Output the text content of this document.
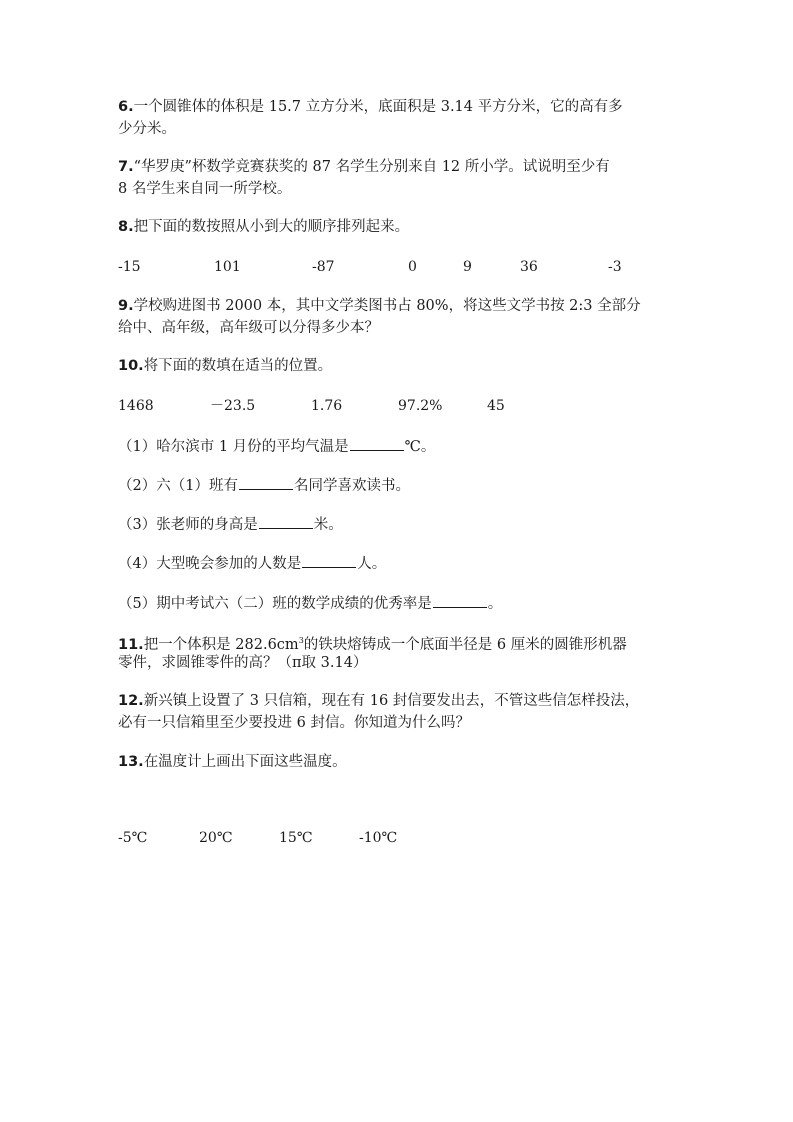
6.一个圆锥体的体积是 15.7 立方分米，底面积是 3.14 平方分米，它的高有多
少分米。
7.“华罗庚”杯数学竞赛获奖的 87 名学生分别来自 12 所小学。试说明至少有
8 名学生来自同一所学校。
8.把下面的数按照从小到大的顺序排列起来。
-15	101	-87	0	9	36	-3
9.学校购进图书 2000 本，其中文学类图书占 80%，将这些文学书按 2:3 全部分
给中、高年级，高年级可以分得多少本？
10.将下面的数填在适当的位置。
1468	－23.5	1.76	97.2%	45
（1）哈尔滨市 1 月份的平均气温是	℃。
（2）六（1）班有	名同学喜欢读书。
（3）张老师的身高是	米。
（4）大型晚会参加的人数是	人。
（5）期中考试六（二）班的数学成绩的优秀率是	。
11.把一个体积是 $282.6cm^3$的铁块熔铸成一个底面半径是 6 厘米的圆锥形机器
零件，求圆锥零件的高？（π取 3.14）
12.新兴镇上设置了 3 只信箱，现在有 16 封信要发出去，不管这些信怎样投法，
必有一只信箱里至少要投进 6 封信。你知道为什么吗？
13.在温度计上画出下面这些温度。
-5℃	20℃	15℃	-10℃
